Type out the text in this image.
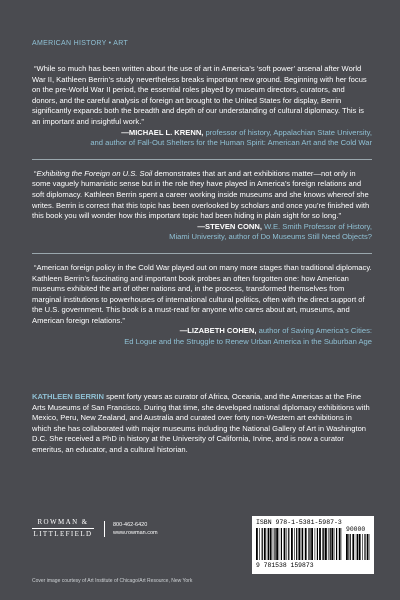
AMERICAN HISTORY • ART
“While so much has been written about the use of art in America’s ‘soft power’ arsenal after World War II, Kathleen Berrin’s study nevertheless breaks important new ground. Beginning with her focus on the pre-World War II period, the essential roles played by museum directors, curators, and donors, and the careful analysis of foreign art brought to the United States for display, Berrin significantly expands both the breadth and depth of our understanding of cultural diplomacy. This is an important and insightful work.”
—MICHAEL L. KRENN, professor of history, Appalachian State University,
and author of Fall-Out Shelters for the Human Spirit: American Art and the Cold War
“Exhibiting the Foreign on U.S. Soil demonstrates that art and art exhibitions matter—not only in some vaguely humanistic sense but in the role they have played in America’s foreign relations and soft diplomacy. Kathleen Berrin spent a career working inside museums and she knows whereof she writes. Berrin is correct that this topic has been overlooked by scholars and once you’re finished with this book you will wonder how this important topic had been hiding in plain sight for so long.”
—STEVEN CONN, W.E. Smith Professor of History,
Miami University, author of Do Museums Still Need Objects?
“American foreign policy in the Cold War played out on many more stages than traditional diplomacy. Kathleen Berrin’s fascinating and important book probes an often forgotten one: how American museums exhibited the art of other nations and, in the process, transformed themselves from marginal institutions to powerhouses of international cultural politics, often with the direct support of the U.S. government. This book is a must-read for anyone who cares about art, museums, and American foreign relations.”
—LIZABETH COHEN, author of Saving America’s Cities:
Ed Logue and the Struggle to Renew Urban America in the Suburban Age
KATHLEEN BERRIN spent forty years as curator of Africa, Oceania, and the Americas at the Fine Arts Museums of San Francisco. During that time, she developed national diplomacy exhibitions with Mexico, Peru, New Zealand, and Australia and curated over forty non-Western art exhibitions in which she has collaborated with major museums including the National Gallery of Art in Washington D.C. She received a PhD in history at the University of California, Irvine, and is now a curator emeritus, an educator, and a cultural historian.
ROWMAN &
LITTLEFIELD
800-462-6420
www.rowman.com
Cover image courtesy of Art Institute of Chicago/Art Resource, New York
ISBN 978-1-5381-5987-3
90000
9 781538 159873
